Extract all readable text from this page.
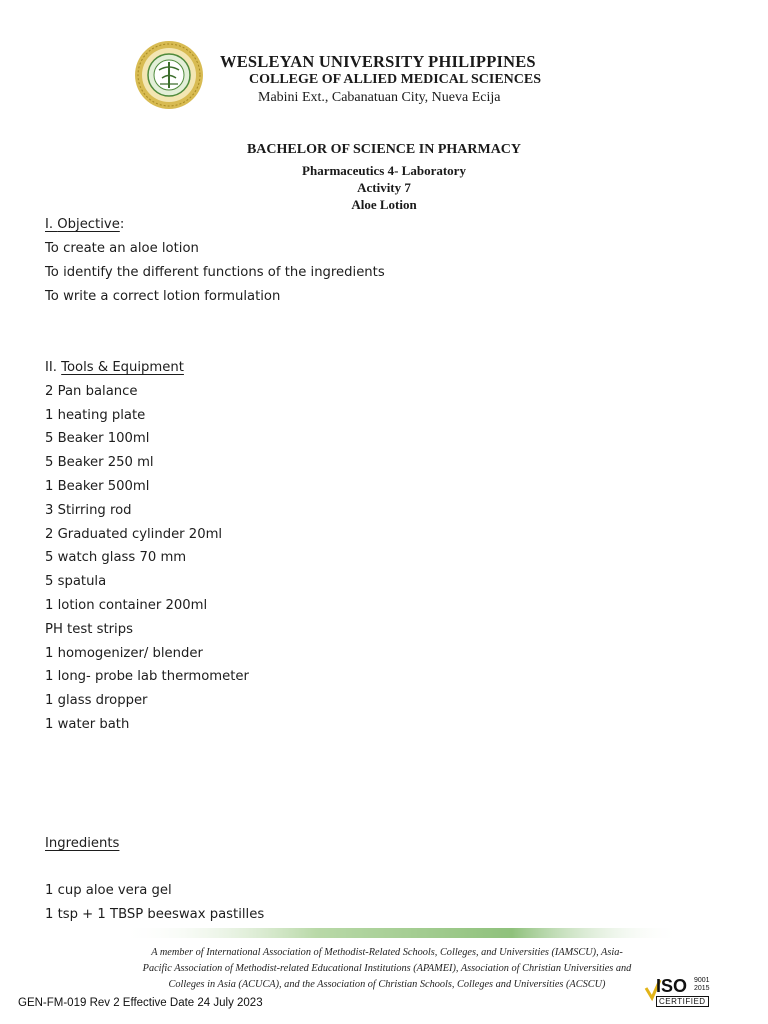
WESLEYAN UNIVERSITY PHILIPPINES
COLLEGE OF ALLIED MEDICAL SCIENCES
Mabini Ext., Cabanatuan City, Nueva Ecija
BACHELOR OF SCIENCE IN PHARMACY
Pharmaceutics 4- Laboratory
Activity 7
Aloe Lotion
I. Objective:
To create an aloe lotion
To identify the different functions of the ingredients
To write a correct lotion formulation
II. Tools & Equipment
2 Pan balance
1 heating plate
5 Beaker 100ml
5 Beaker 250 ml
1 Beaker 500ml
3 Stirring rod
2 Graduated cylinder 20ml
5 watch glass 70 mm
5 spatula
1 lotion container 200ml
PH test strips
1 homogenizer/ blender
1 long- probe lab thermometer
1 glass dropper
1 water bath
Ingredients
1 cup aloe vera gel
1 tsp + 1 TBSP beeswax pastilles
A member of International Association of Methodist-Related Schools, Colleges, and Universities (IAMSCU), Asia-
Pacific Association of Methodist-related Educational Institutions (APAMEI), Association of Christian Universities and
Colleges in Asia (ACUCA), and the Association of Christian Schools, Colleges and Universities (ACSCU)	ISO 9001
2015
CERTIFIED
GEN-FM-019 Rev 2 Effective Date 24 July 2023
